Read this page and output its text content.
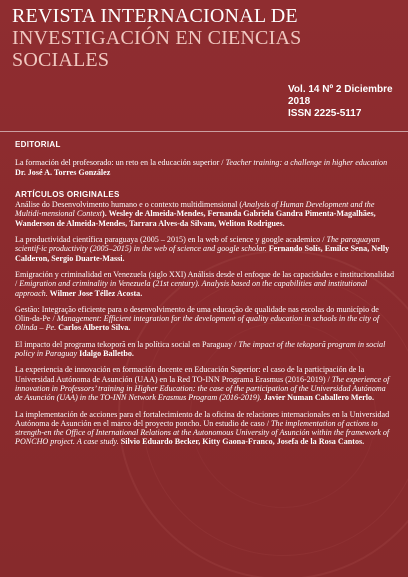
REVISTA INTERNACIONAL DE
INVESTIGACIÓN EN CIENCIAS
SOCIALES
Vol. 14 Nº 2 Diciembre 2018
ISSN 2225-5117
EDITORIAL
La formación del profesorado: un reto en la educación superior / Teacher training: a challenge in higher education
Dr. José A. Torres González
ARTÍCULOS ORIGINALES
Análise do Desenvolvimento humano e o contexto multidimensional (Analysis of Human Development and the Multidi-mensional Context). Wesley de Almeida-Mendes, Fernanda Gabriela Gandra Pimenta-Magalhães, Wanderson de Almeida-Mendes, Tarrara Alves-da Silvam, Weliton Rodrigues.
La productividad científica paraguaya (2005 – 2015) en la web of science y google academico / The paraguayan scientif-ic productivity (2005–2015) in the web of science and google scholar. Fernando Solís, Emilce Sena, Nelly Calderon, Sergio Duarte-Massi.
Emigración y criminalidad en Venezuela (siglo XXI) Análisis desde el enfoque de las capacidades e institucionalidad / Emigration and criminality in Venezuela (21st century). Analysis based on the capabilities and institutional approach. Wilmer Jose Téllez Acosta.
Gestão: Integração eficiente para o desenvolvimento de uma educação de qualidade nas escolas do município de Olin-da-Pe / Management: Efficient integration for the development of quality education in schools in the city of Olinda – Pe. Carlos Alberto Silva.
El impacto del programa tekoporã en la política social en Paraguay / The impact of the tekoporã program in social policy in Paraguay Idalgo Balletbo.
La experiencia de innovación en formación docente en Educación Superior: el caso de la participación de la Universidad Autónoma de Asunción (UAA) en la Red TO-INN Programa Erasmus (2016-2019) / The experience of innovation in Professors’ training in Higher Education: the case of the participation of the Universidad Autónoma de Asunción (UAA) in the TO-INN Network Erasmus Program (2016-2019). Javier Numan Caballero Merlo.
La implementación de acciones para el fortalecimiento de la oficina de relaciones internacionales en la Universidad Autónoma de Asunción en el marco del proyecto poncho. Un estudio de caso / The implementation of actions to strength-en the Office of International Relations at the Autonomous University of Asunción within the framework of PONCHO project. A case study. Silvio Eduardo Becker, Kitty Gaona-Franco, Josefa de la Rosa Cantos.
